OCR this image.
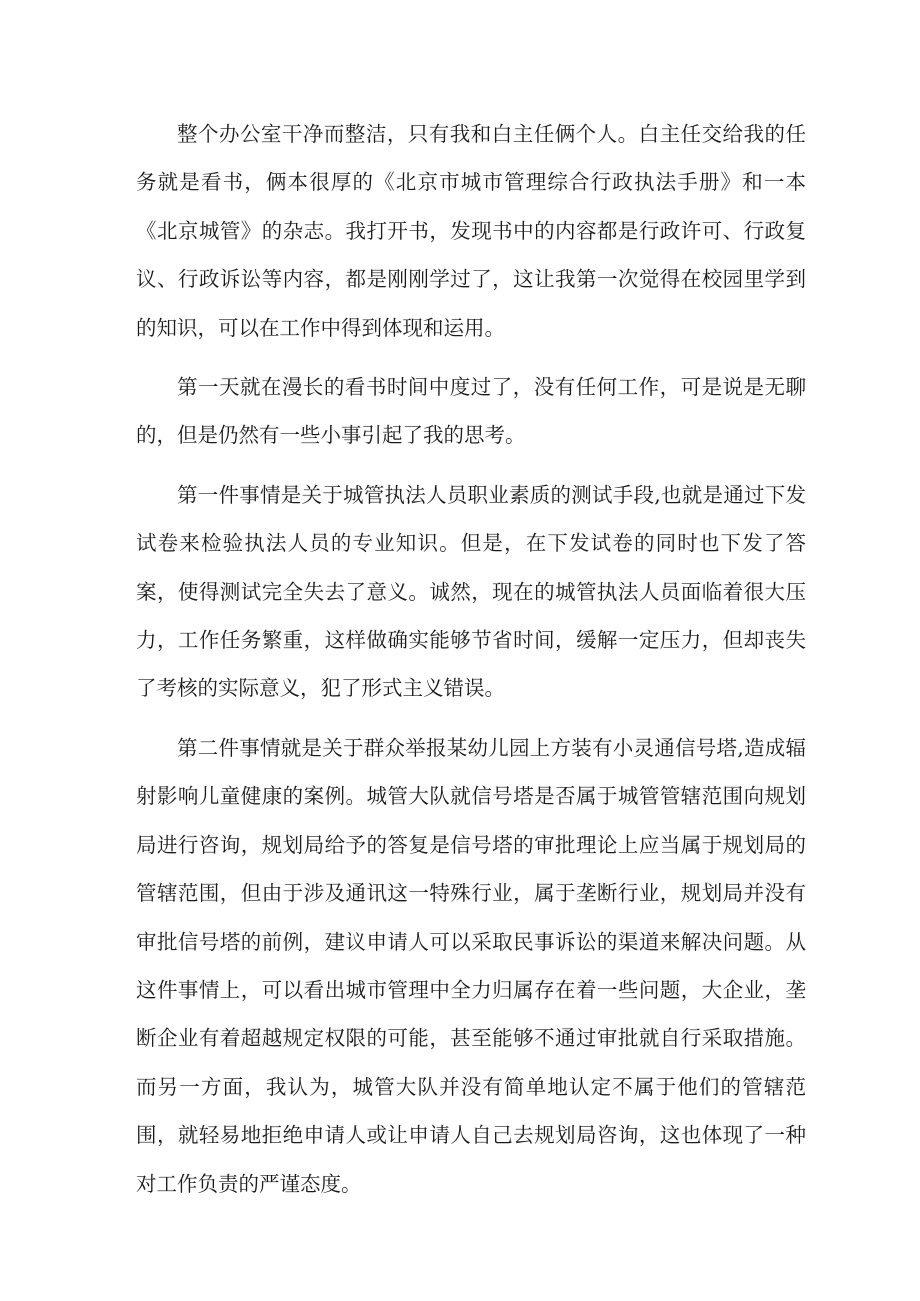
整个办公室干净而整洁，只有我和白主任俩个人。白主任交给我的任务就是看书，俩本很厚的《北京市城市管理综合行政执法手册》和一本《北京城管》的杂志。我打开书，发现书中的内容都是行政许可、行政复议、行政诉讼等内容，都是刚刚学过了，这让我第一次觉得在校园里学到的知识，可以在工作中得到体现和运用。

第一天就在漫长的看书时间中度过了，没有任何工作，可是说是无聊的，但是仍然有一些小事引起了我的思考。

第一件事情是关于城管执法人员职业素质的测试手段,也就是通过下发试卷来检验执法人员的专业知识。但是，在下发试卷的同时也下发了答案，使得测试完全失去了意义。诚然，现在的城管执法人员面临着很大压力，工作任务繁重，这样做确实能够节省时间，缓解一定压力，但却丧失了考核的实际意义，犯了形式主义错误。

第二件事情就是关于群众举报某幼儿园上方装有小灵通信号塔,造成辐射影响儿童健康的案例。城管大队就信号塔是否属于城管管辖范围向规划局进行咨询，规划局给予的答复是信号塔的审批理论上应当属于规划局的管辖范围，但由于涉及通讯这一特殊行业，属于垄断行业，规划局并没有审批信号塔的前例，建议申请人可以采取民事诉讼的渠道来解决问题。从这件事情上，可以看出城市管理中全力归属存在着一些问题，大企业，垄断企业有着超越规定权限的可能，甚至能够不通过审批就自行采取措施。而另一方面，我认为，城管大队并没有简单地认定不属于他们的管辖范围，就轻易地拒绝申请人或让申请人自己去规划局咨询，这也体现了一种对工作负责的严谨态度。
